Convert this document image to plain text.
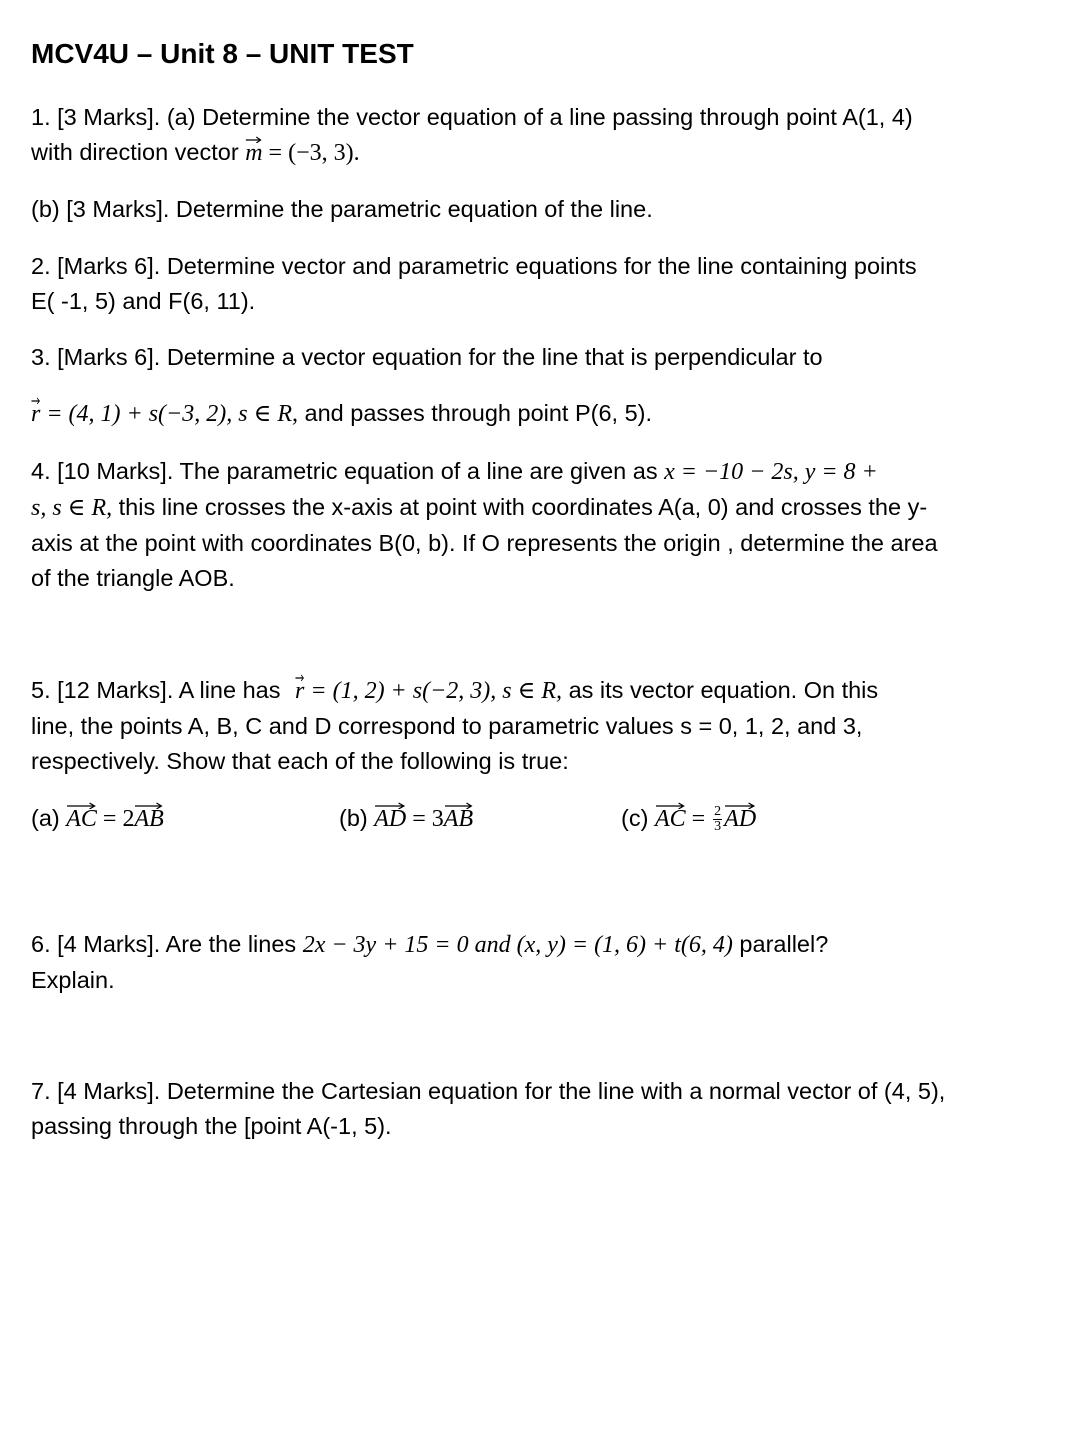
MCV4U – Unit 8 – UNIT TEST
1. [3 Marks]. (a) Determine the vector equation of a line passing through point A(1, 4)
with direction vector m
= (−3, 3).
(b) [3 Marks]. Determine the parametric equation of the line.
2. [Marks 6]. Determine vector and parametric equations for the line containing points
E( -1, 5) and F(6, 11).
3. [Marks 6]. Determine a vector equation for the line that is perpendicular to
r
= (4, 1) + s(−3, 2), s ∈ R, and passes through point P(6, 5).
4. [10 Marks]. The parametric equation of a line are given as x = −10 − 2s, y = 8 +
s, s ∈ R, this line crosses the x-axis at point with coordinates A(a, 0) and crosses the y-
axis at the point with coordinates B(0, b). If O represents the origin , determine the area
of the triangle AOB.
5. [12 Marks]. A line has r
= (1, 2) + s(−2, 3), s ∈ R, as its vector equation. On this
line, the points A, B, C and D correspond to parametric values s = 0, 1, 2, and 3,
respectively. Show that each of the following is true:
(a) AC
= 2AB	(b) AD
= 3AB	(c) AC
= $\frac{2}{3}$ AD
6. [4 Marks]. Are the lines 2x − 3y + 15 = 0 and (x, y) = (1, 6) + t(6, 4) parallel?
Explain.
7. [4 Marks]. Determine the Cartesian equation for the line with a normal vector of (4, 5),
passing through the [point A(-1, 5).
